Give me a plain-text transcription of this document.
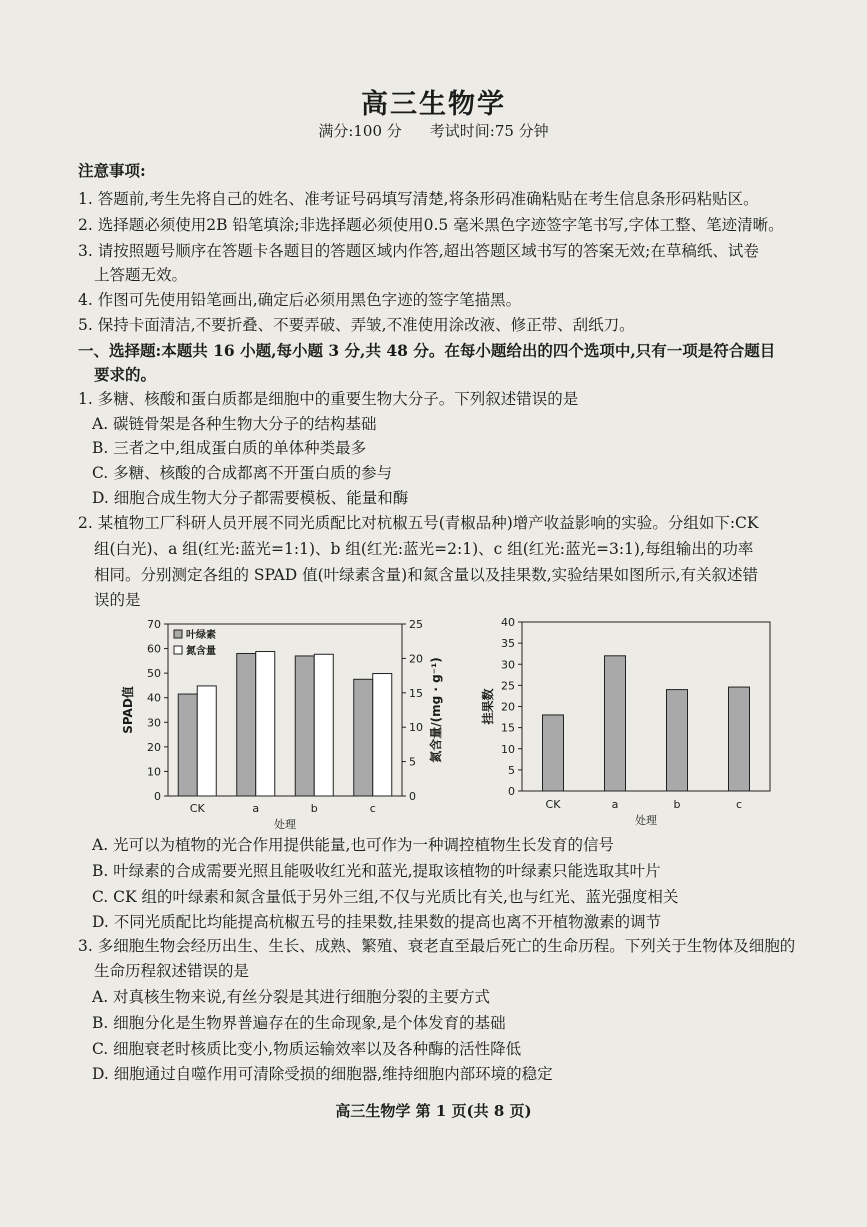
高三生物学
满分:100 分 考试时间:75 分钟
注意事项:
1. 答题前,考生先将自己的姓名、准考证号码填写清楚,将条形码准确粘贴在考生信息条形码粘贴区。
2. 选择题必须使用2B 铅笔填涂;非选择题必须使用0.5 毫米黑色字迹签字笔书写,字体工整、笔迹清晰。
3. 请按照题号顺序在答题卡各题目的答题区域内作答,超出答题区域书写的答案无效;在草稿纸、试卷
上答题无效。
4. 作图可先使用铅笔画出,确定后必须用黑色字迹的签字笔描黑。
5. 保持卡面清洁,不要折叠、不要弄破、弄皱,不准使用涂改液、修正带、刮纸刀。
一、选择题:本题共 16 小题,每小题 3 分,共 48 分。在每小题给出的四个选项中,只有一项是符合题目
要求的。
1. 多糖、核酸和蛋白质都是细胞中的重要生物大分子。下列叙述错误的是
A. 碳链骨架是各种生物大分子的结构基础
B. 三者之中,组成蛋白质的单体种类最多
C. 多糖、核酸的合成都离不开蛋白质的参与
D. 细胞合成生物大分子都需要模板、能量和酶
2. 某植物工厂科研人员开展不同光质配比对杭椒五号(青椒品种)增产收益影响的实验。分组如下:CK
组(白光)、a 组(红光:蓝光=1:1)、b 组(红光:蓝光=2:1)、c 组(红光:蓝光=3:1),每组输出的功率
相同。分别测定各组的 SPAD 值(叶绿素含量)和氮含量以及挂果数,实验结果如图所示,有关叙述错
误的是
0
10
20
30
40
50
60
70
0
5
10
15
20
25
CK	a	b	c
处理
SPAD值	氮含量/(mg · g⁻¹)
叶绿素
氮含量
0
5
10
15
20
25
30
35
40
CK	a	b	c
处理
挂果数
A. 光可以为植物的光合作用提供能量,也可作为一种调控植物生长发育的信号
B. 叶绿素的合成需要光照且能吸收红光和蓝光,提取该植物的叶绿素只能选取其叶片
C. CK 组的叶绿素和氮含量低于另外三组,不仅与光质比有关,也与红光、蓝光强度相关
D. 不同光质配比均能提高杭椒五号的挂果数,挂果数的提高也离不开植物激素的调节
3. 多细胞生物会经历出生、生长、成熟、繁殖、衰老直至最后死亡的生命历程。下列关于生物体及细胞的
生命历程叙述错误的是
A. 对真核生物来说,有丝分裂是其进行细胞分裂的主要方式
B. 细胞分化是生物界普遍存在的生命现象,是个体发育的基础
C. 细胞衰老时核质比变小,物质运输效率以及各种酶的活性降低
D. 细胞通过自噬作用可清除受损的细胞器,维持细胞内部环境的稳定
高三生物学 第 1 页(共 8 页)
